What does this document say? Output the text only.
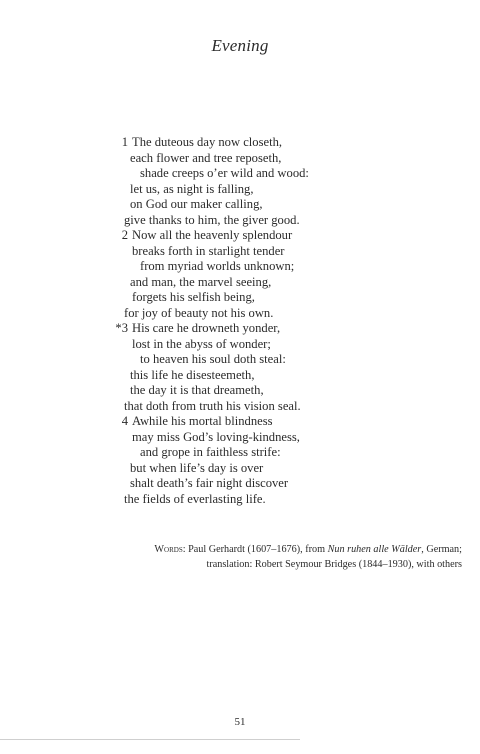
Evening
1 The duteous day now closeth,
each flower and tree reposeth,
shade creeps o’er wild and wood:
let us, as night is falling,
on God our maker calling,
give thanks to him, the giver good.
2 Now all the heavenly splendour
breaks forth in starlight tender
from myriad worlds unknown;
and man, the marvel seeing,
forgets his selfish being,
for joy of beauty not his own.
*3 His care he drowneth yonder,
lost in the abyss of wonder;
to heaven his soul doth steal:
this life he disesteemeth,
the day it is that dreameth,
that doth from truth his vision seal.
4 Awhile his mortal blindness
may miss God’s loving-kindness,
and grope in faithless strife:
but when life’s day is over
shalt death’s fair night discover
the fields of everlasting life.
Words: Paul Gerhardt (1607–1676), from Nun ruhen alle Wälder, German;
translation: Robert Seymour Bridges (1844–1930), with others
51
